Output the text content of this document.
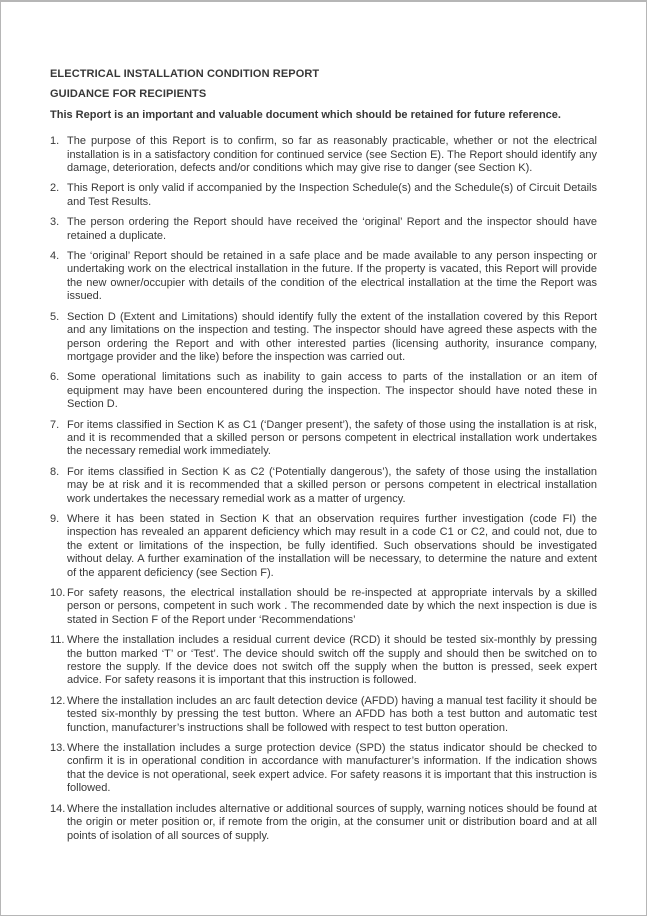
ELECTRICAL INSTALLATION CONDITION REPORT

GUIDANCE FOR RECIPIENTS

This Report is an important and valuable document which should be retained for future reference.

1. The purpose of this Report is to confirm, so far as reasonably practicable, whether or not the electrical installation is in a satisfactory condition for continued service (see Section E). The Report should identify any damage, deterioration, defects and/or conditions which may give rise to danger (see Section K).
2. This Report is only valid if accompanied by the Inspection Schedule(s) and the Schedule(s) of Circuit Details and Test Results.
3. The person ordering the Report should have received the ‘original’ Report and the inspector should have retained a duplicate.
4. The ‘original’ Report should be retained in a safe place and be made available to any person inspecting or undertaking work on the electrical installation in the future. If the property is vacated, this Report will provide the new owner/occupier with details of the condition of the electrical installation at the time the Report was issued.
5. Section D (Extent and Limitations) should identify fully the extent of the installation covered by this Report and any limitations on the inspection and testing. The inspector should have agreed these aspects with the person ordering the Report and with other interested parties (licensing authority, insurance company, mortgage provider and the like) before the inspection was carried out.
6. Some operational limitations such as inability to gain access to parts of the installation or an item of equipment may have been encountered during the inspection. The inspector should have noted these in Section D.
7. For items classified in Section K as C1 (‘Danger present’), the safety of those using the installation is at risk, and it is recommended that a skilled person or persons competent in electrical installation work undertakes the necessary remedial work immediately.
8. For items classified in Section K as C2 (‘Potentially dangerous’), the safety of those using the installation may be at risk and it is recommended that a skilled person or persons competent in electrical installation work undertakes the necessary remedial work as a matter of urgency.
9. Where it has been stated in Section K that an observation requires further investigation (code FI) the inspection has revealed an apparent deficiency which may result in a code C1 or C2, and could not, due to the extent or limitations of the inspection, be fully identified. Such observations should be investigated without delay. A further examination of the installation will be necessary, to determine the nature and extent of the apparent deficiency (see Section F).
10. For safety reasons, the electrical installation should be re-inspected at appropriate intervals by a skilled person or persons, competent in such work . The recommended date by which the next inspection is due is stated in Section F of the Report under ‘Recommendations’
11. Where the installation includes a residual current device (RCD) it should be tested six-monthly by pressing the button marked ‘T’ or ‘Test’. The device should switch off the supply and should then be switched on to restore the supply. If the device does not switch off the supply when the button is pressed, seek expert advice. For safety reasons it is important that this instruction is followed.
12. Where the installation includes an arc fault detection device (AFDD) having a manual test facility it should be tested six-monthly by pressing the test button. Where an AFDD has both a test button and automatic test function, manufacturer’s instructions shall be followed with respect to test button operation.
13. Where the installation includes a surge protection device (SPD) the status indicator should be checked to confirm it is in operational condition in accordance with manufacturer’s information. If the indication shows that the device is not operational, seek expert advice. For safety reasons it is important that this instruction is followed.
14. Where the installation includes alternative or additional sources of supply, warning notices should be found at the origin or meter position or, if remote from the origin, at the consumer unit or distribution board and at all points of isolation of all sources of supply.
